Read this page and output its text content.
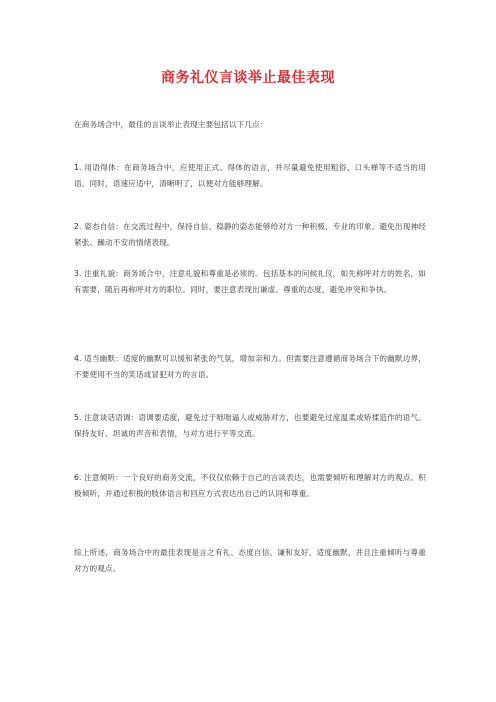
商务礼仪言谈举止最佳表现
在商务场合中，最佳的言谈举止表现主要包括以下几点：
1. 用语得体：在商务场合中，应使用正式、得体的语言，并尽量避免使用粗俗、口头禅等不适当的用语。同时，语速应适中，清晰明了，以便对方能够理解。
2. 姿态自信：在交流过程中，保持自信、稳静的姿态能够给对方一种积极、专业的印象。避免出现神经紧张、躁动不安的情绪表现。
3. 注重礼貌：商务场合中，注意礼貌和尊重是必须的。包括基本的问候礼仪，如先称呼对方的姓名，如有需要，随后再称呼对方的职位。同时，要注意表现出谦虚、尊重的态度，避免冲突和争执。
4. 适当幽默：适度的幽默可以缓和紧张的气氛，增加亲和力。但需要注意遵循商务场合下的幽默边界，不要使用不当的笑话或冒犯对方的言语。
5. 注意谈话语调：语调要适度，避免过于咄咄逼人或威胁对方，也要避免过度温柔或矫揉造作的语气。保持友好、坦诚的声音和表情，与对方进行平等交流。
6. 注意倾听：一个良好的商务交流，不仅仅依赖于自己的言谈表达，也需要倾听和理解对方的观点。积极倾听，并通过积极的肢体语言和回应方式表达出自己的认同和尊重。
综上所述，商务场合中的最佳表现是言之有礼、态度自信、谦和友好、适度幽默，并且注重倾听与尊重对方的观点。
